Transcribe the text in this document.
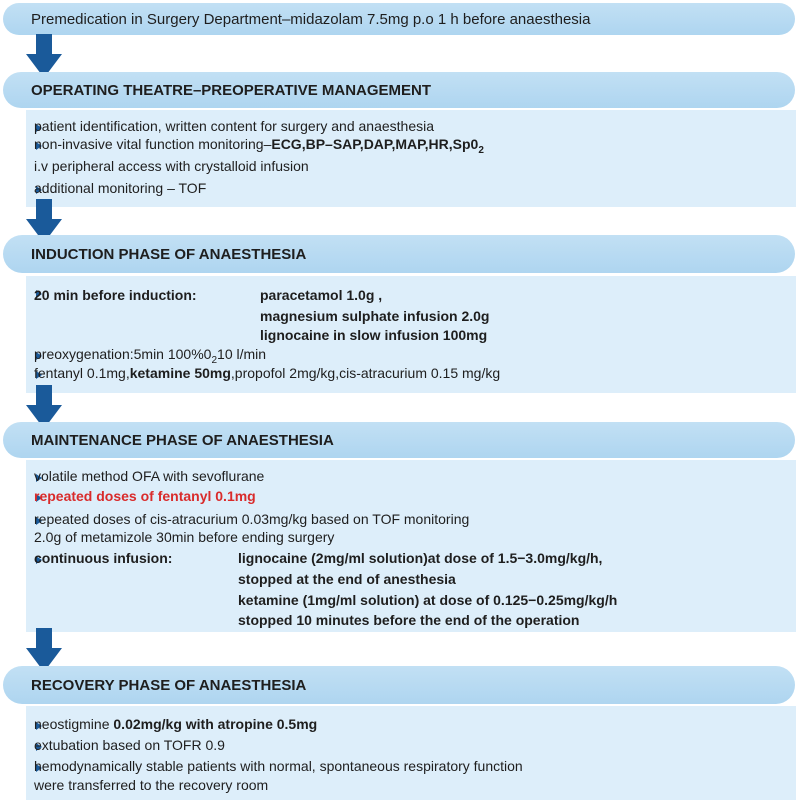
Premedication in Surgery Department–midazolam 7.5mg p.o 1 h before anaesthesia
OPERATING THEATRE–PREOPERATIVE MANAGEMENT
patient identification, written content for surgery and anaesthesia
non-invasive vital function monitoring–$ECG,BP-SAP,DAP,MAP,HR,Sp0_2$
i.v peripheral access with crystalloid infusion
additional monitoring – TOF
INDUCTION PHASE OF ANAESTHESIA
20 min before induction:	paracetamol 1.0g ,
magnesium sulphate infusion 2.0g
lignocaine in slow infusion 100mg
preoxygenation:5min $100\%0_210$ l/min
fentanyl 0.1mg,ketamine 50mg,propofol 2mg/kg,cis-atracurium 0.15 mg/kg
MAINTENANCE PHASE OF ANAESTHESIA
volatile method OFA with sevoflurane
repeated doses of fentanyl 0.1mg
repeated doses of cis-atracurium 0.03mg/kg based on TOF monitoring
2.0g of metamizole 30min before ending surgery
continuous infusion:	lignocaine (2mg/ml solution)at dose of 1.5−3.0mg/kg/h,
stopped at the end of anesthesia
ketamine (1mg/ml solution) at dose of 0.125−0.25mg/kg/h
stopped 10 minutes before the end of the operation
RECOVERY PHASE OF ANAESTHESIA
neostigmine 0.02mg/kg with atropine 0.5mg
extubation based on TOFR 0.9
hemodynamically stable patients with normal, spontaneous respiratory function
were transferred to the recovery room
